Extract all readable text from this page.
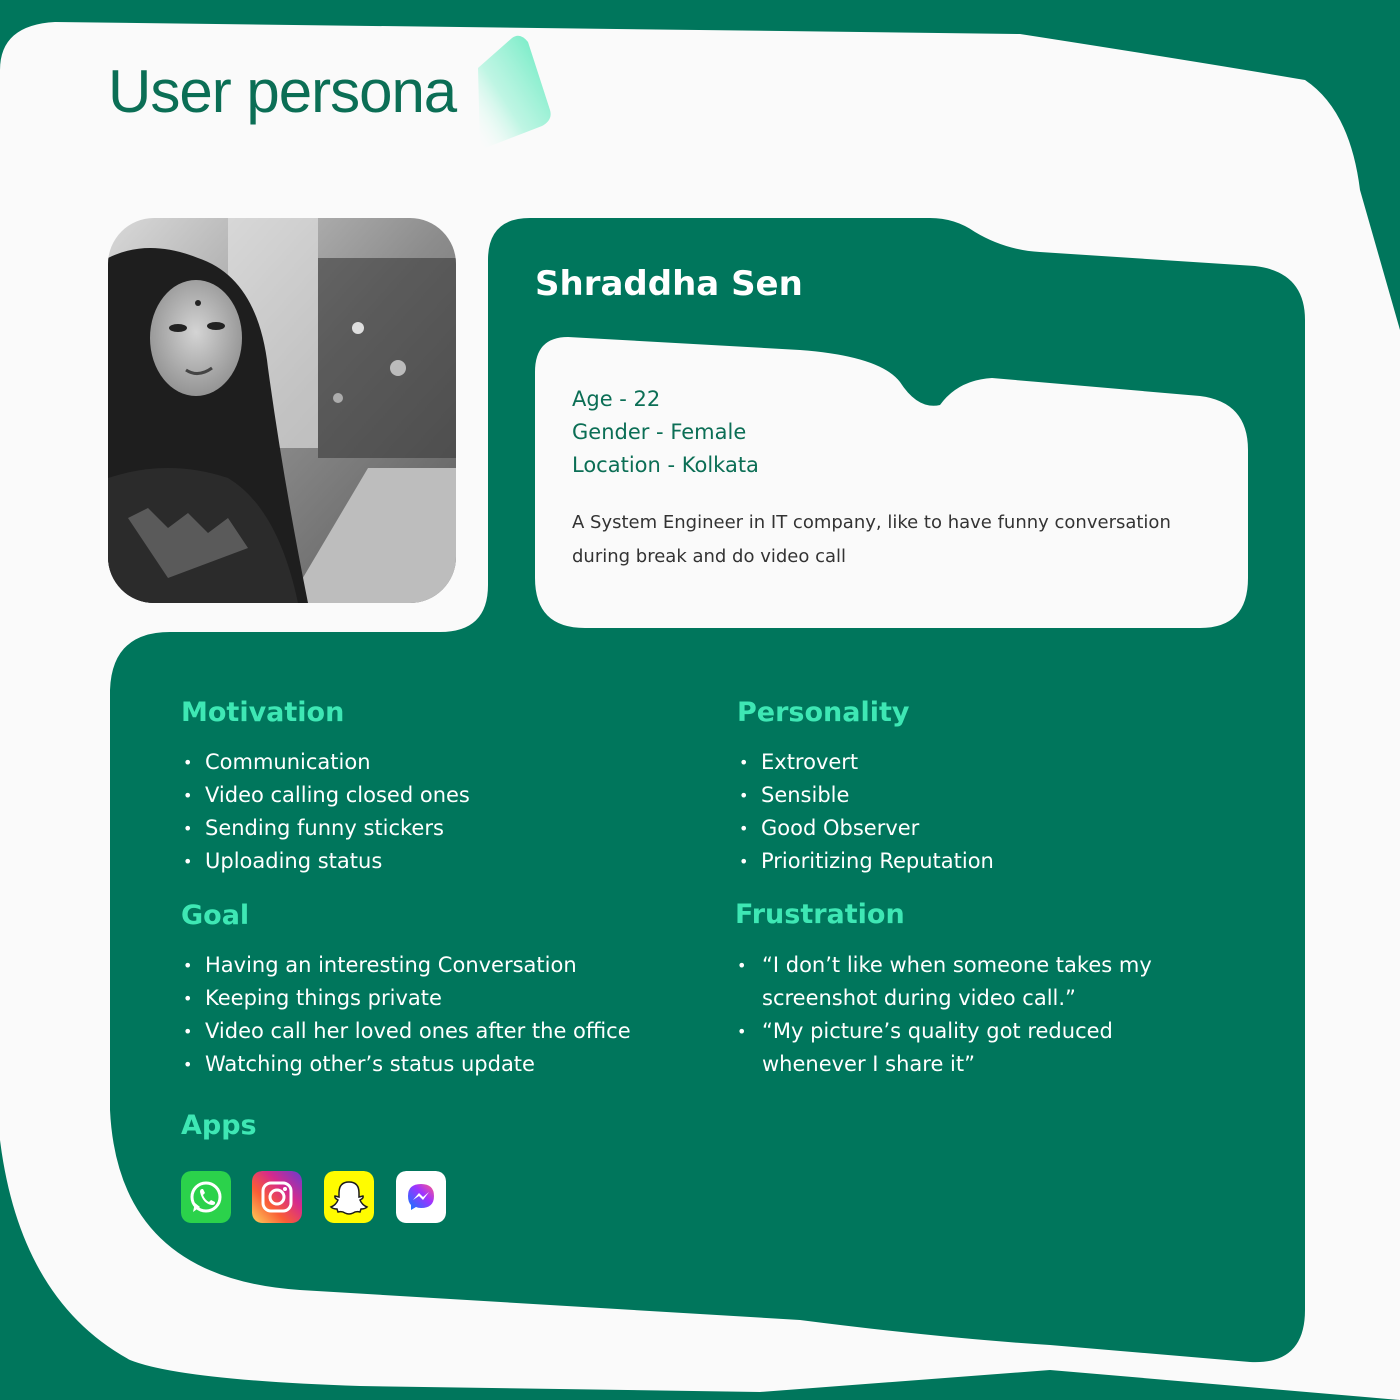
User persona
Shraddha Sen
Age - 22
Gender - Female
Location - Kolkata

A System Engineer in IT company, like to have funny conversation during break and do video call

Motivation
• Communication
• Video calling closed ones
• Sending funny stickers
• Uploading status
Personality
• Extrovert
• Sensible
• Good Observer
• Prioritizing Reputation
Goal
• Having an interesting Conversation
• Keeping things private
• Video call her loved ones after the office
• Watching other’s status update
Frustration
• “I don’t like when someone takes my
screenshot during video call.”
• “My picture’s quality got reduced
whenever I share it”
Apps
